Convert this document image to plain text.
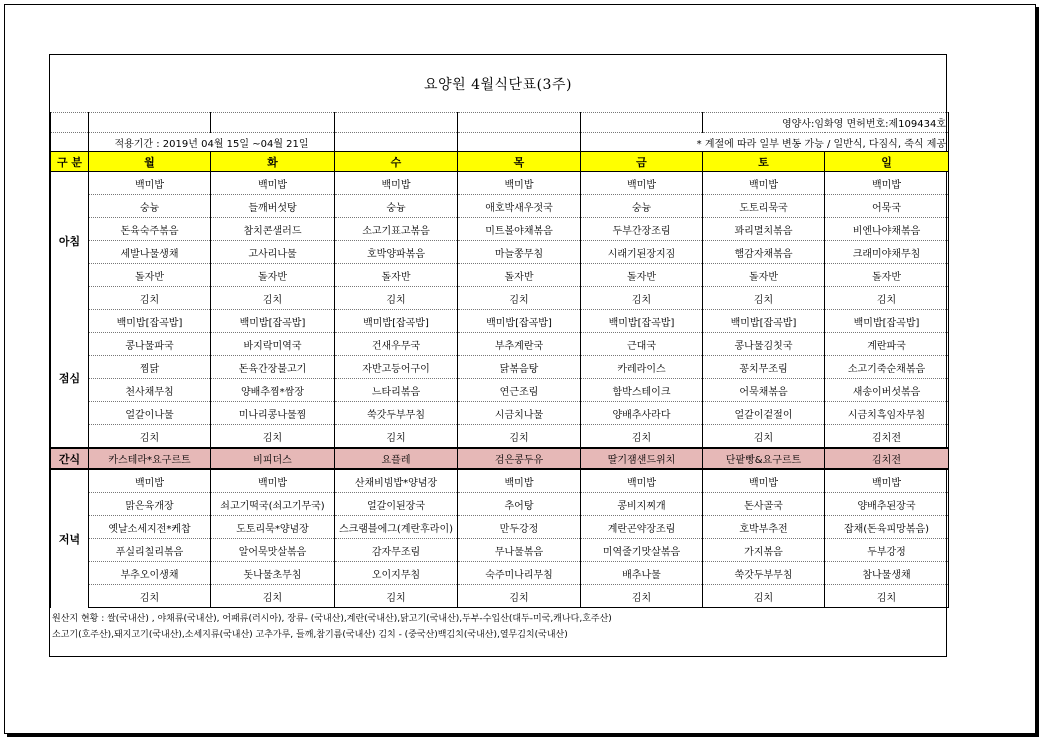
요양원 4월식단표(3주)
						영양사:임화영 면허번호:제109434호	
	적용기간 : 2019년 04월 15일 ~04월 21일				* 계절에 따라 일부 변동 가능 / 일반식, 다짐식, 죽식 제공		
구 분	월	화	수	목	금	토	일
아침	백미밥	백미밥	백미밥	백미밥	백미밥	백미밥	백미밥
	숭늉	들깨버섯탕	숭늉	애호박새우젓국	숭늉	도토리묵국	어묵국
	돈육숙주볶음	참치콘샐러드	소고기표고볶음	미트볼야채볶음	두부간장조림	꽈리멸치볶음	비엔나야채볶음
	세발나물생채	고사리나물	호박양파볶음	마늘쫑무침	시래기된장지짐	햄감자채볶음	크래미야채무침
	돌자반	돌자반	돌자반	돌자반	돌자반	돌자반	돌자반
	김치	김치	김치	김치	김치	김치	김치
점심	백미밥[잡곡밥]	백미밥[잡곡밥]	백미밥[잡곡밥]	백미밥[잡곡밥]	백미밥[잡곡밥]	백미밥[잡곡밥]	백미밥[잡곡밥]
	콩나물파국	바지락미역국	건새우무국	부추계란국	근대국	콩나물김칫국	계란파국
	찜닭	돈육간장불고기	자반고등어구이	닭볶음탕	카레라이스	꽁치무조림	소고기죽순채볶음
	천사채무침	양배추찜*쌈장	느타리볶음	연근조림	함박스테이크	어묵채볶음	새송이버섯볶음
	얼갈이나물	미나리콩나물찜	쑥갓두부무침	시금치나물	양배추사라다	얼갈이겉절이	시금치흑임자무침
	김치	김치	김치	김치	김치	김치	김치전
간식	카스테라*요구르트	비피더스	요플레	검은콩두유	딸기잼샌드위치	단팥빵&요구르트	김치전
저녁	백미밥	백미밥	산채비빔밥*양념장	백미밥	백미밥	백미밥	백미밥
	맑은육개장	쇠고기떡국(쇠고기무국)	얼갈이된장국	추어탕	콩비지찌개	돈사골국	양배추된장국
	옛날소세지전*케찹	도토리묵*양념장	스크램블에그(계란후라이)	만두강정	계란곤약장조림	호박부추전	잡채(돈육피망볶음)
	푸실리칠리볶음	알어묵맛살볶음	감자무조림	무나물볶음	미역줄기맛살볶음	가지볶음	두부강정
	부추오이생채	돗나물초무침	오이지무침	숙주미나리무침	배추나물	쑥갓두부무침	참나물생채
	김치	김치	김치	김치	김치	김치	김치
원산지 현황 : 쌀(국내산) , 야채류(국내산), 어패류(러시아), 장류- (국내산),계란(국내산),닭고기(국내산),두부-수입산(대두-미국,캐나다,호주산)
소고기(호주산),돼지고기(국내산),소세지류(국내산) 고추가루, 들깨,참기름(국내산) 김치 - (중국산)백김치(국내산),열무김치(국내산)
